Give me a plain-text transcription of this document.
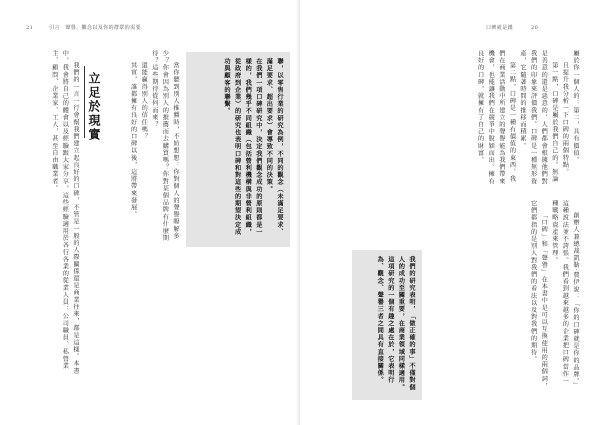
21	引言　聲譽、觀念以及你的群眾的需要

聯，以零售行業的研究為例，不同的觀念（未滿足要求、滿足要求、超出要求）會導致不同的決策。

在我們一項口碑研究中，決定我們觀念成功的原則都是一樣的，我們幾乎不同組織（包括營利機構與非營利組織，從政府到企業）的研究也表明口碑和對這些的期望決定成功與顧客的聯繫。

當你聽到別人推薦時，不妨想想：你對個人的聲譽瞭解多少？你會因為別人的推薦而去購買嗎？你對某個品牌有什麼期待？這些期待從何而來？

還能贏得別人的信任嗎？

其實，誰都擁有良好的口碑以後，這將帶來發展。

立足於現實

我們的一言一行會幫我們建立起良好的口碑，不管是一般的人際關係還是商業往來，都是這樣。本書中，我會將自己的體會以及經驗跟大家分享，這些經驗適用於各行各業的從業人員：公司職員、私營業主、顧問、企業家、工人，甚至自由職業者。

口碑就是錢	20

屬於你一個人的：第二，具有價值。

且提升我分析一下口碑的兩個特點。

第一點，口碑是屬於我們自己的。無論是善意的還是惡意的，人們都會根據他們對我們的印象來評價我們。口碑是一種無形資產，它隨著時間的推移而積累。

第二點，口碑是一種有價值的東西。我們在商業活動中所建立的聲譽能為我們帶來機會，也能讓我們在競爭中脫穎而出。擁有良好的口碑，就擁有了自己的財富。

創辦人兼總裁凱勒·費伊說：「你的口碑就是你的品牌。」這種說法並不誇張。我們看到越來越多的企業把口碑當作一種戰略資產來管理。

「口碑」和「聲譽」在本書中是可以互換使用的兩個詞，它們都指的是別人對我們的看法以及對我們的期待。

我們的研究表明，「做正確的事」不僅對個人的成功至關重要，在商業領域同樣適用。這項研究的一個有趣之處在於，它表明行為、觀念、聲譽三者之間具有直接關係。
